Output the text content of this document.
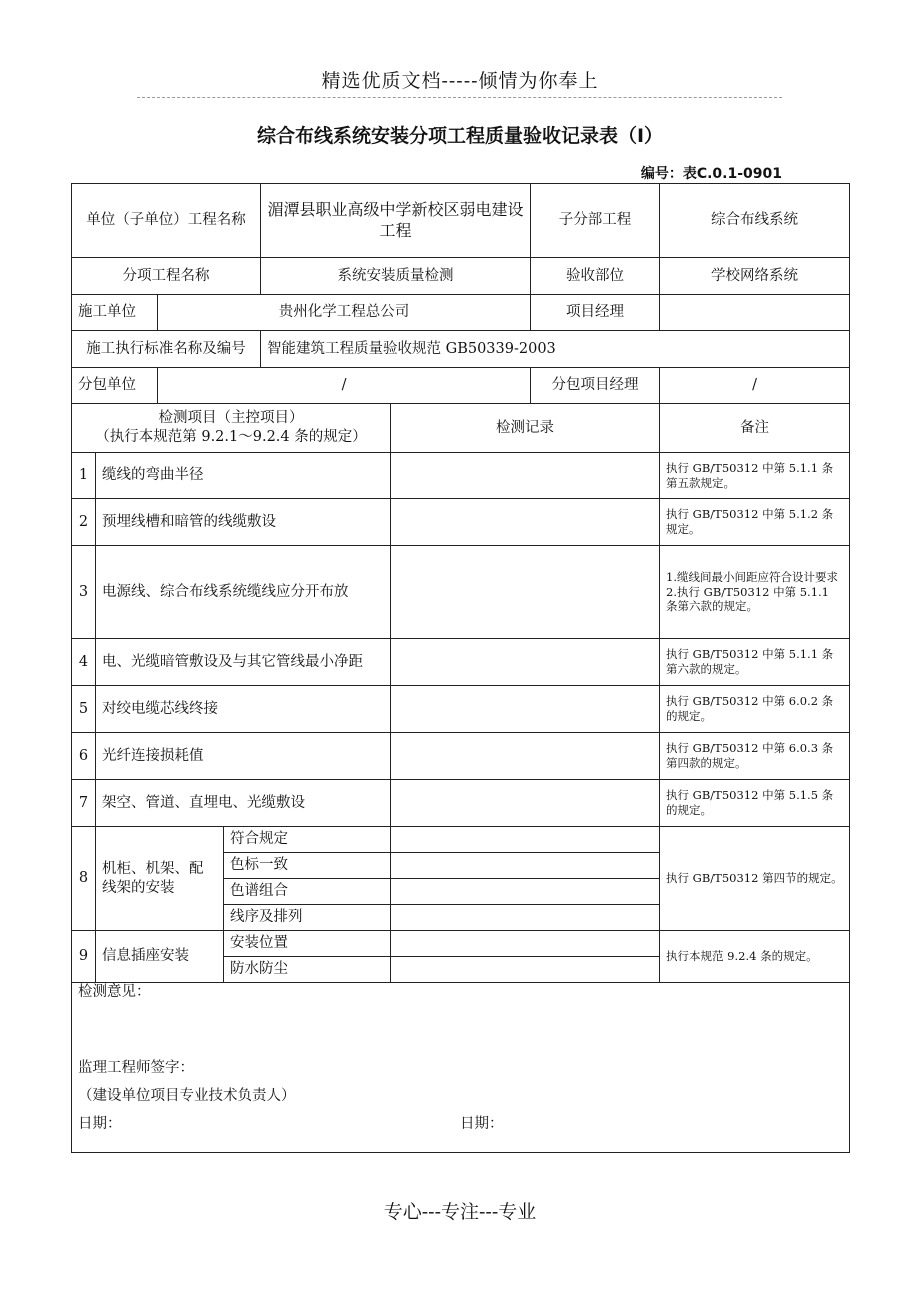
精选优质文档-----倾情为你奉上
综合布线系统安装分项工程质量验收记录表（Ⅰ）
编号：表C.0.1-0901
单位（子单位）工程名称				湄潭县职业高级中学新校区弱电建设工程		子分部工程	综合布线系统
分项工程名称				系统安装质量检测		验收部位	学校网络系统
施工单位		贵州化学工程总公司				项目经理	
施工执行标准名称及编号				智能建筑工程质量验收规范 GB50339-2003			
分包单位		/				分包项目经理	/

检测项目（主控项目）
（执行本规范第 9.2.1～9.2.4 条的规定）					检测记录		备注
1	缆线的弯曲半径						执行 GB/T50312 中第 5.1.1 条第五款规定。
2	预埋线槽和暗管的线缆敷设						执行 GB/T50312 中第 5.1.2 条规定。
3	电源线、综合布线系统缆线应分开布放						1.缆线间最小间距应符合设计要求
2.执行 GB/T50312 中第 5.1.1 条第六款的规定。

4	电、光缆暗管敷设及与其它管线最小净距						执行 GB/T50312 中第 5.1.1 条第六款的规定。
5	对绞电缆芯线终接						执行 GB/T50312 中第 6.0.2 条的规定。
6	光纤连接损耗值						执行 GB/T50312 中第 6.0.3 条第四款的规定。
7	架空、管道、直埋电、光缆敷设						执行 GB/T50312 中第 5.1.5 条的规定。
8	机柜、机架、配线架的安装		符合规定				执行 GB/T50312 第四节的规定。
			色标一致				
			色谱组合				
			线序及排列				
9	信息插座安装		安装位置				执行本规范 9.2.4 条的规定。
			防水防尘				

检测意见：
监理工程师签字：
（建设单位项目专业技术负责人）
日期： 日期：							
专心---专注---专业
